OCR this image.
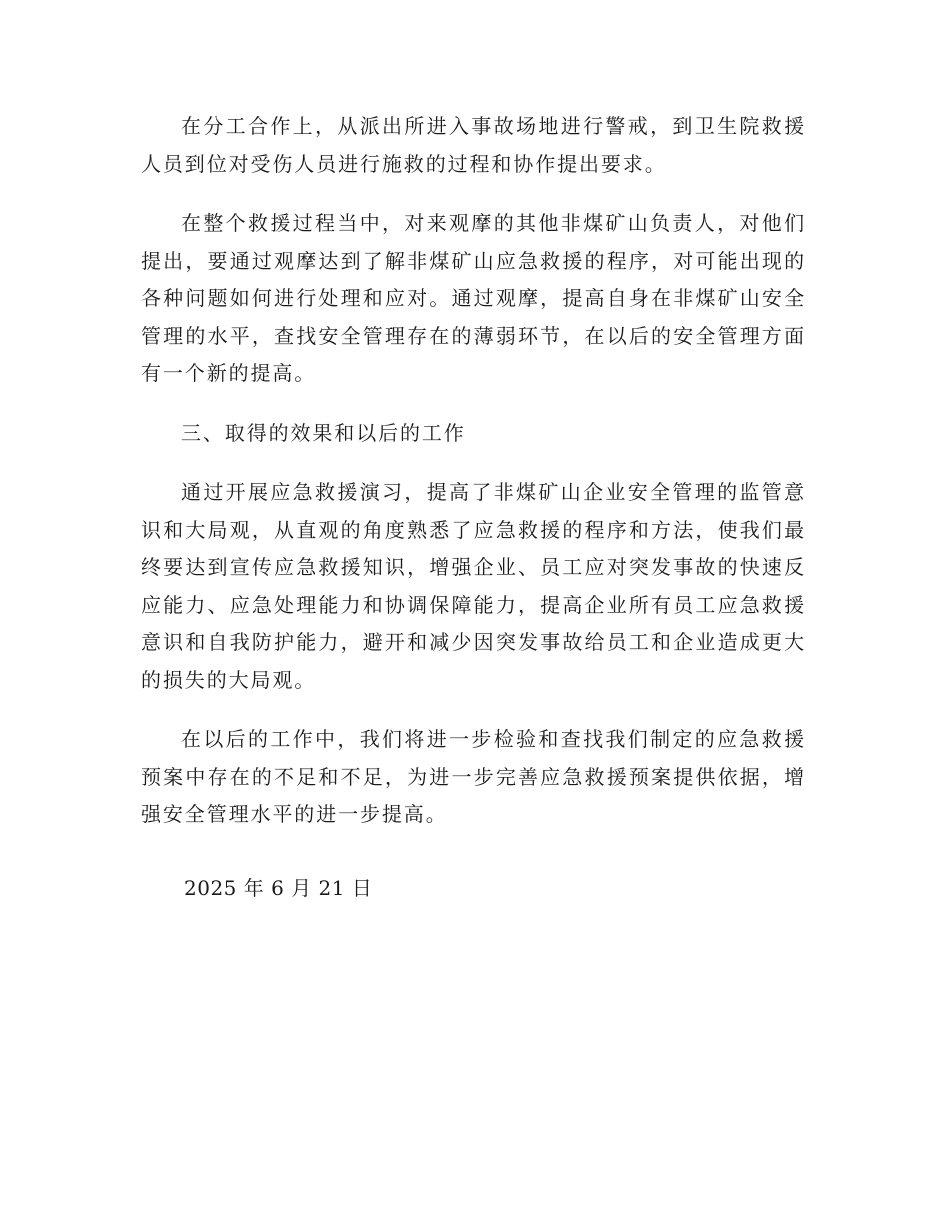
在分工合作上，从派出所进入事故场地进行警戒，到卫生院救援人员到位对受伤人员进行施救的过程和协作提出要求。

在整个救援过程当中，对来观摩的其他非煤矿山负责人，对他们提出，要通过观摩达到了解非煤矿山应急救援的程序，对可能出现的各种问题如何进行处理和应对。通过观摩，提高自身在非煤矿山安全管理的水平，查找安全管理存在的薄弱环节，在以后的安全管理方面有一个新的提高。

三、取得的效果和以后的工作

通过开展应急救援演习，提高了非煤矿山企业安全管理的监管意识和大局观，从直观的角度熟悉了应急救援的程序和方法，使我们最终要达到宣传应急救援知识，增强企业、员工应对突发事故的快速反应能力、应急处理能力和协调保障能力，提高企业所有员工应急救援意识和自我防护能力，避开和减少因突发事故给员工和企业造成更大的损失的大局观。

在以后的工作中，我们将进一步检验和查找我们制定的应急救援预案中存在的不足和不足，为进一步完善应急救援预案提供依据，增强安全管理水平的进一步提高。

2025 年 6 月 21 日
